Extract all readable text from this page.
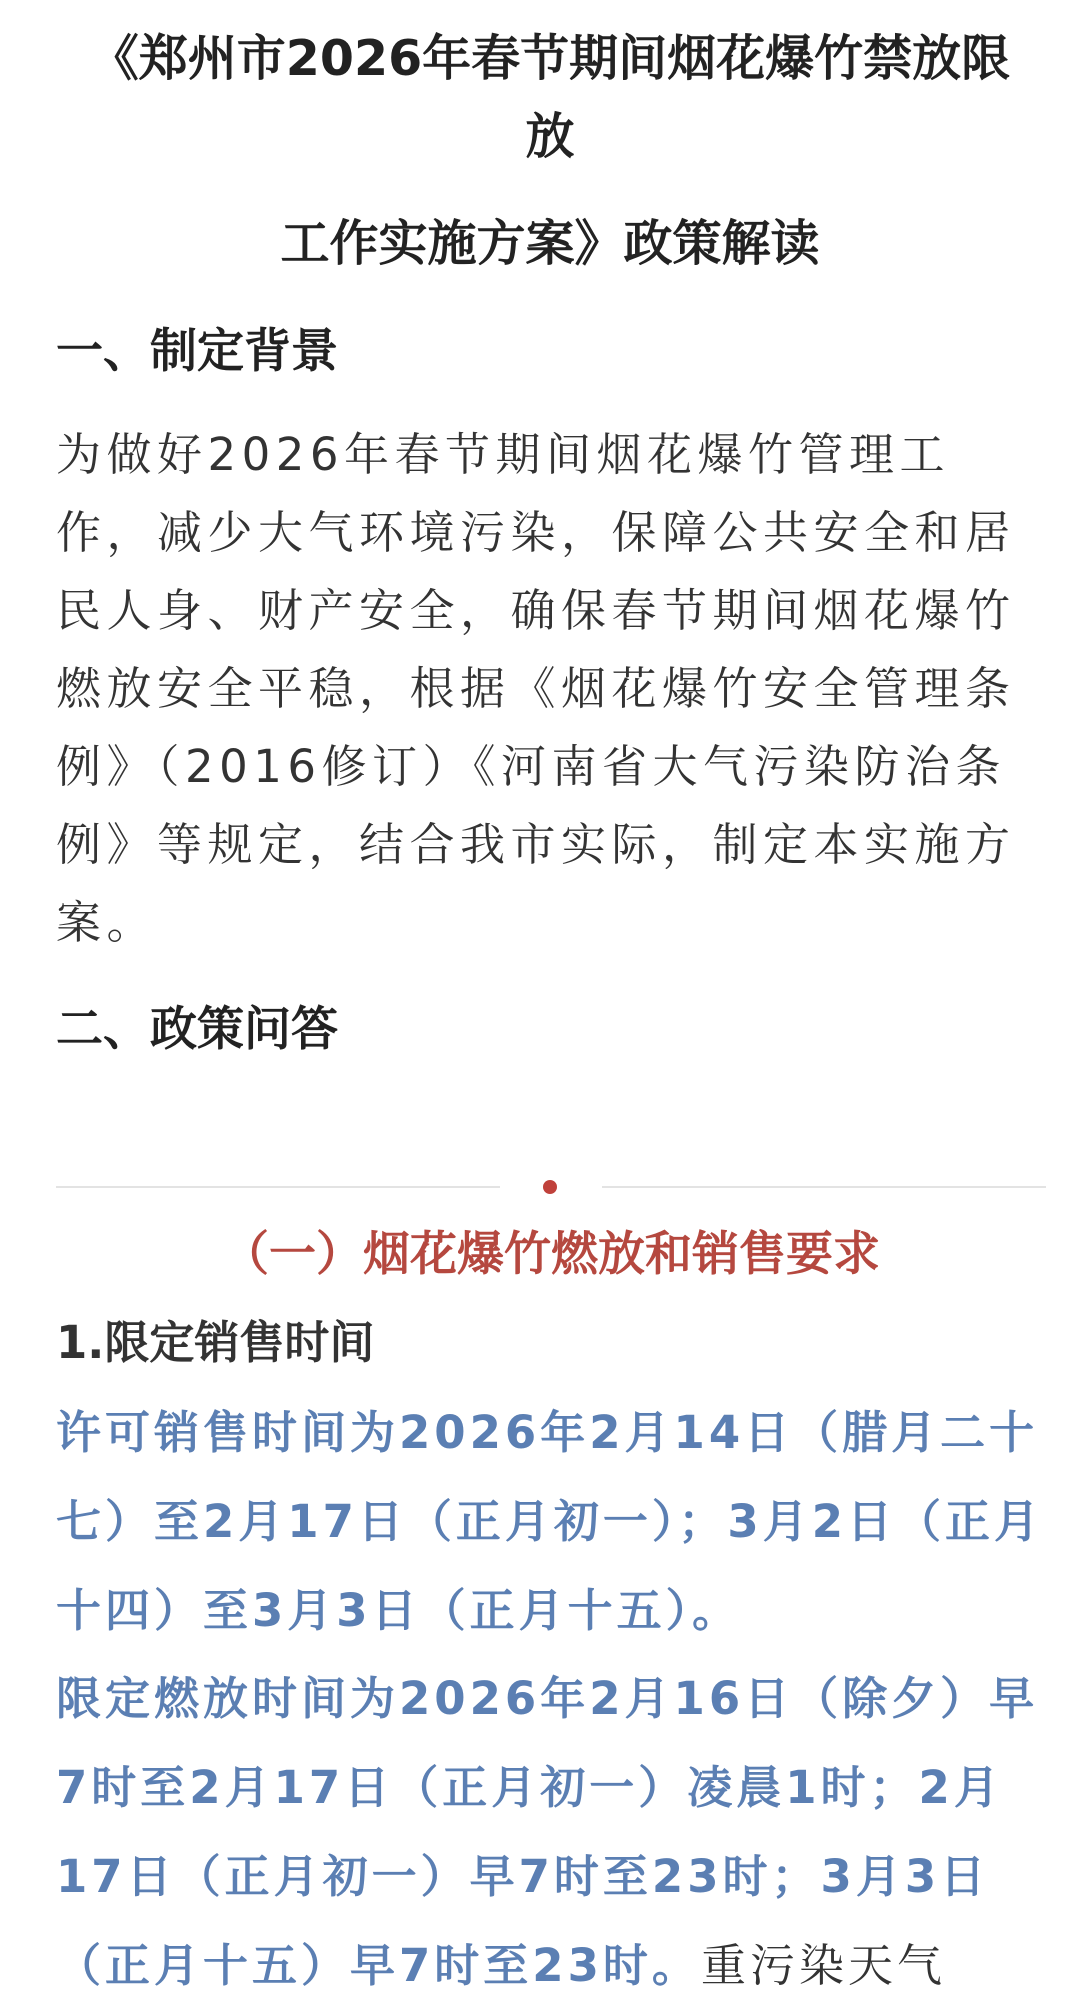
《郑州市2026年春节期间烟花爆竹禁放限
放
工作实施方案》政策解读
一、制定背景
为做好2026年春节期间烟花爆竹管理工作，减少大气环境污染，保障公共安全和居民人身、财产安全，确保春节期间烟花爆竹燃放安全平稳，根据《烟花爆竹安全管理条例》（2016修订）《河南省大气污染防治条例》等规定，结合我市实际，制定本实施方案。
二、政策问答
（一）烟花爆竹燃放和销售要求
1.限定销售时间
许可销售时间为2026年2月14日（腊月二十七）至2月17日（正月初一）；3月2日（正月十四）至3月3日（正月十五）。
限定燃放时间为2026年2月16日（除夕）早7时至2月17日（正月初一）凌晨1时；2月17日（正月初一）早7时至23时；3月3日（正月十五）早7时至23时。重污染天气
